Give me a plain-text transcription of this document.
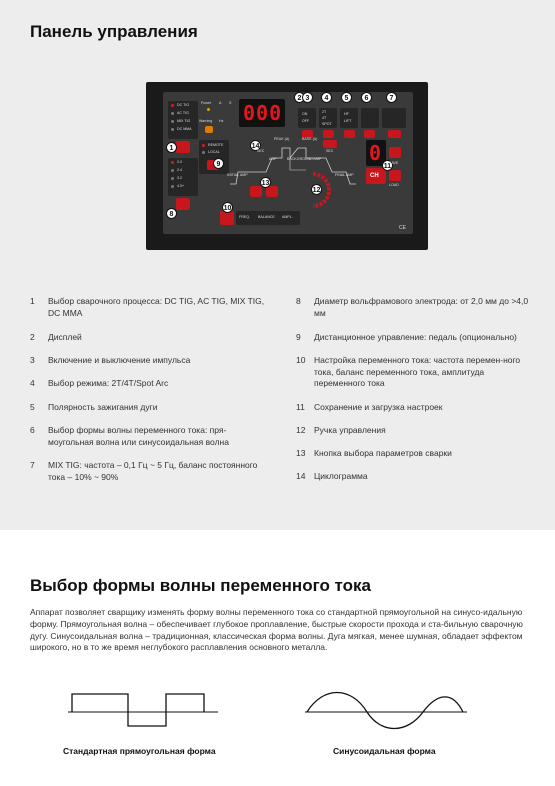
Панель управления
DC TIG
AC TIG
MIX TIG
DC MMA
1
2.0
2.4
3.2
4.0+
8
Power
Warning
A S
Hz 000
2
ON
OFF
3
2T
4T
SPOT
4
HF
LIFT
5	6	7
REMOTE
LOCAL
9
14
SEC
PEAK (A)	BASE (A)
AMP	BACKGROUND AMP
SEC
INITIAL AMP	FINAL AMP
13
12
FREQ. BALANCE AMPL.
10
0
CH
11
SAVE
LOAD
CE
1 Выбор сварочного процесса: DC TIG, AC TIG, MIX TIG, DC MMA
2 Дисплей
3 Включение и выключение импульса
4 Выбор режима: 2T/4T/Spot Arc
5 Полярность зажигания дуги
6 Выбор формы волны переменного тока: пря-моугольная волна или синусоидальная волна
7 MIX TIG: частота – 0,1 Гц ~ 5 Гц, баланс постоянного тока – 10% ~ 90%
8 Диаметр вольфрамового электрода: от 2,0 мм до >4,0 мм
9 Дистанционное управление: педаль (опционально)
10 Настройка переменного тока: частота перемен-ного тока, баланс переменного тока, амплитуда переменного тока
11 Сохранение и загрузка настроек
12 Ручка управления
13 Кнопка выбора параметров сварки
14 Циклограмма
Выбор формы волны переменного тока
Аппарат позволяет сварщику изменять форму волны переменного тока со стандартной прямоугольной на синусо-идальную форму. Прямоугольная волна – обеспечивает глубокое проплавление, быстрые скорости прохода и ста-бильную сварочную дугу. Синусоидальная волна – традиционная, классическая форма волны. Дуга мягкая, менее шумная, обладает эффектом широкого, но в то же время неглубокого расплавления основного металла.
Стандартная прямоугольная форма	Синусоидальная форма
